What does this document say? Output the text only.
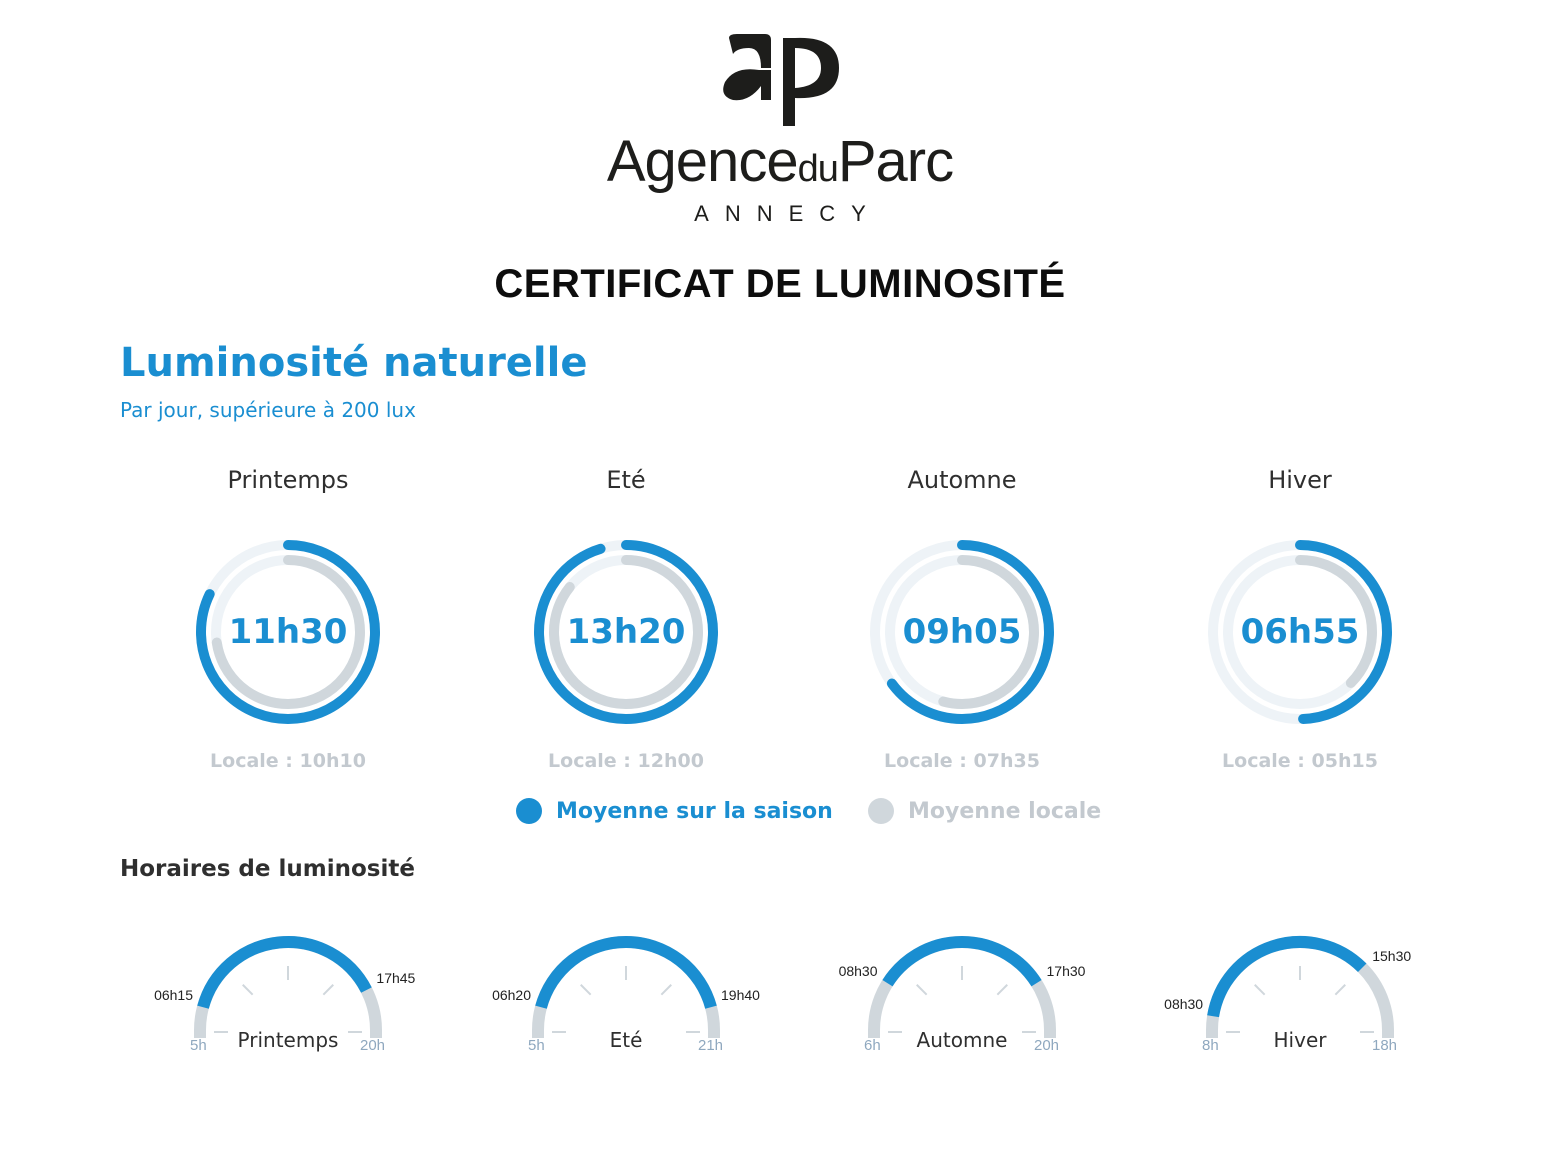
AgenceduParc
ANNECY
CERTIFICAT DE LUMINOSITÉ
Luminosité naturelle
Par jour, supérieure à 200 lux
Printemps
11h30
Locale : 10h10
Eté
13h20
Locale : 12h00
Automne
09h05
Locale : 07h35
Hiver
06h55
Locale : 05h15
Moyenne sur la saison	Moyenne locale
Horaires de luminosité
06h15
17h45
5h	20h
Printemps
06h20	19h40
5h	21h
Eté
08h30	17h30
6h	20h
Automne
08h30
15h30
8h	18h
Hiver
